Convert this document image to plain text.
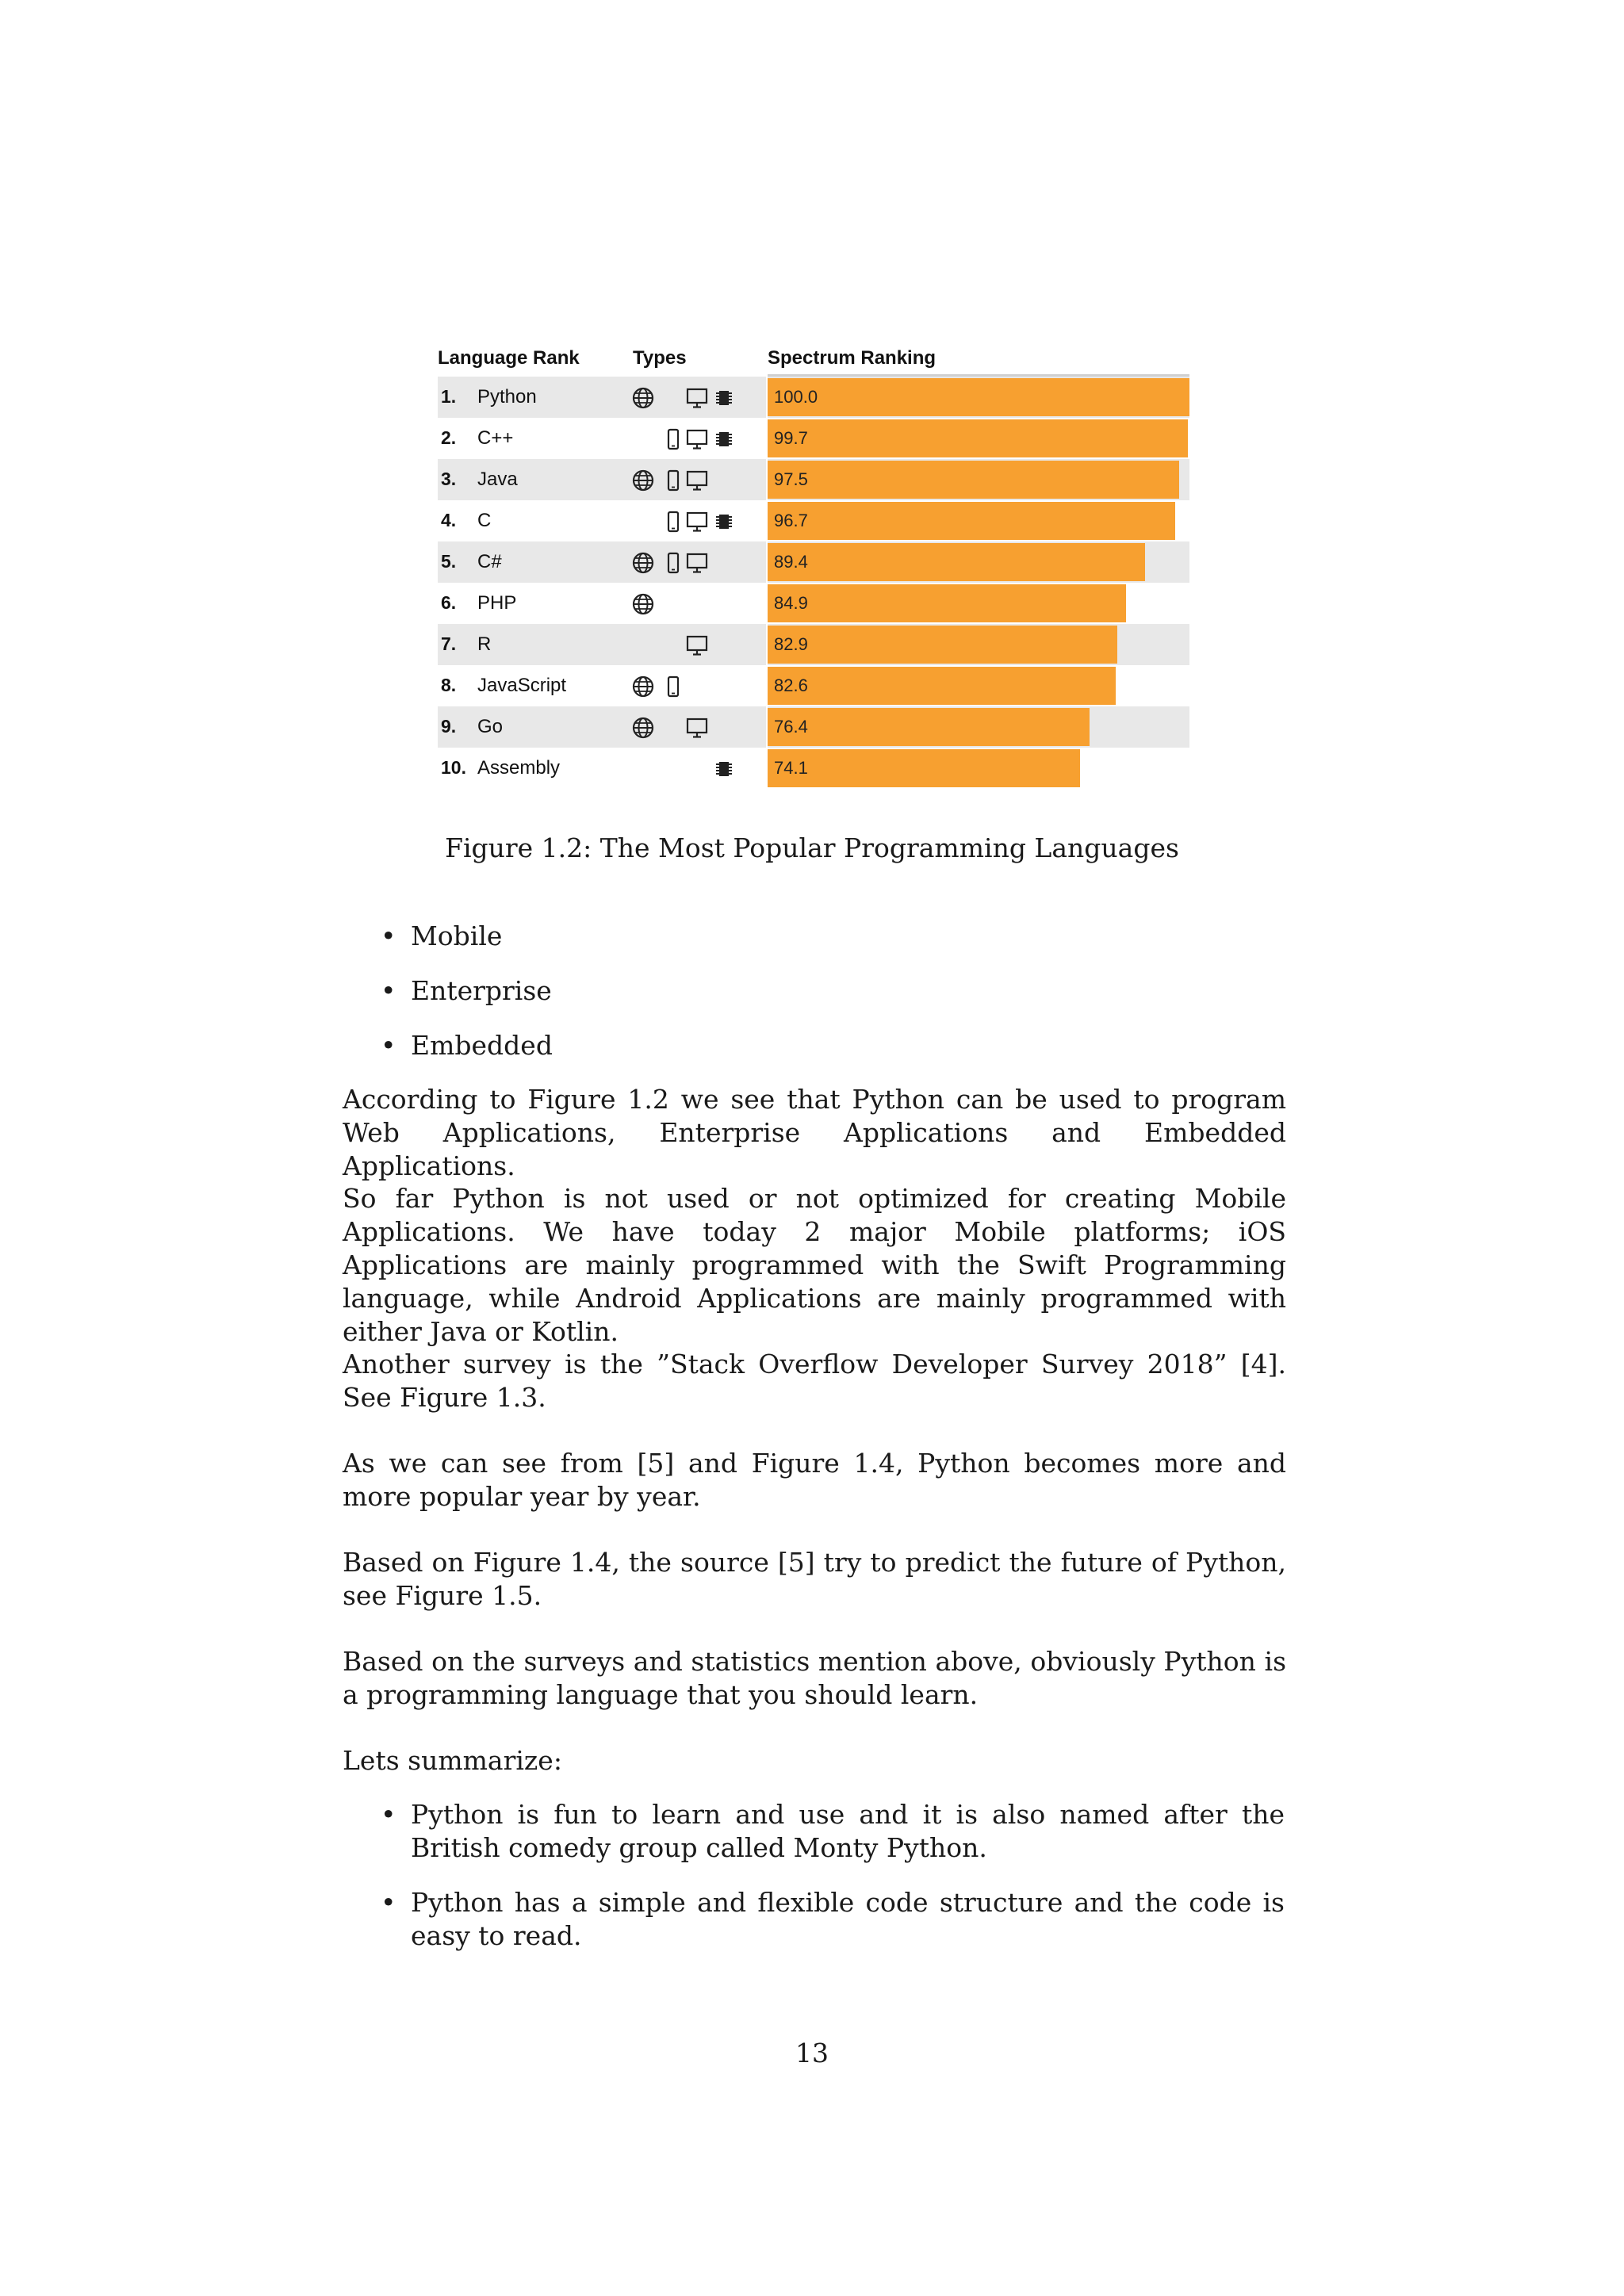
Language Rank	Types	Spectrum Ranking
1.	Python	100.0
2.	C++	99.7
3.	Java	97.5
4.	C	96.7
5.	C#	89.4
6.	PHP	84.9
7.	R	82.9
8.	JavaScript	82.6
9.	Go	76.4
10. Assembly	74.1
Figure 1.2: The Most Popular Programming Languages
• Mobile
• Enterprise
• Embedded

According to Figure 1.2 we see that Python can be used to program Web Applications, Enterprise Applications and Embedded Applications.

So far Python is not used or not optimized for creating Mobile Applications. We have today 2 major Mobile platforms; iOS Applications are mainly programmed with the Swift Programming language, while Android Applications are mainly programmed with either Java or Kotlin.

Another survey is the ”Stack Overflow Developer Survey 2018” [4]. See Figure 1.3.

As we can see from [5] and Figure 1.4, Python becomes more and more popular year by year.

Based on Figure 1.4, the source [5] try to predict the future of Python, see Figure 1.5.

Based on the surveys and statistics mention above, obviously Python is a programming language that you should learn.

Lets summarize:

• Python is fun to learn and use and it is also named after the British comedy group called Monty Python.
• Python has a simple and flexible code structure and the code is easy to read.
13
